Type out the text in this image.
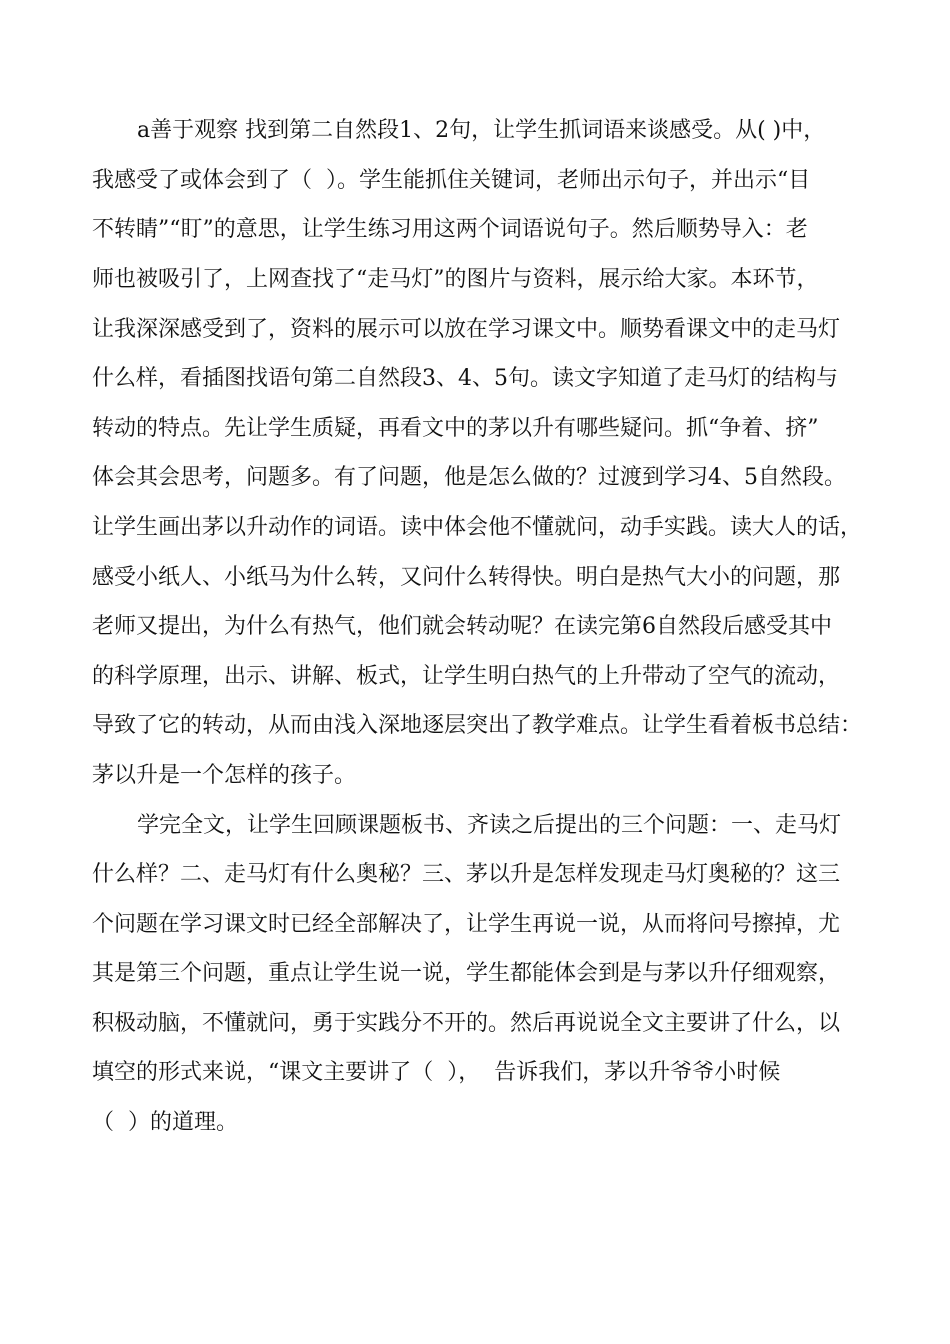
a善于观察 找到第二自然段1、2句，让学生抓词语来谈感受。从( )中，

我感受了或体会到了（  ）。学生能抓住关键词，老师出示句子，并出示“目

不转睛”“盯”的意思，让学生练习用这两个词语说句子。然后顺势导入：老

师也被吸引了，上网查找了“走马灯”的图片与资料，展示给大家。本环节，

让我深深感受到了，资料的展示可以放在学习课文中。顺势看课文中的走马灯

什么样，看插图找语句第二自然段3、4、5句。读文字知道了走马灯的结构与

转动的特点。先让学生质疑，再看文中的茅以升有哪些疑问。抓“争着、挤”

体会其会思考，问题多。有了问题，他是怎么做的？过渡到学习4、5自然段。

让学生画出茅以升动作的词语。读中体会他不懂就问，动手实践。读大人的话，

感受小纸人、小纸马为什么转，又问什么转得快。明白是热气大小的问题，那

老师又提出，为什么有热气，他们就会转动呢？在读完第6自然段后感受其中

的科学原理，出示、讲解、板式，让学生明白热气的上升带动了空气的流动，

导致了它的转动，从而由浅入深地逐层突出了教学难点。让学生看着板书总结：

茅以升是一个怎样的孩子。

学完全文，让学生回顾课题板书、齐读之后提出的三个问题：一、走马灯

什么样？二、走马灯有什么奥秘？三、茅以升是怎样发现走马灯奥秘的？这三

个问题在学习课文时已经全部解决了，让学生再说一说，从而将问号擦掉，尤

其是第三个问题，重点让学生说一说，学生都能体会到是与茅以升仔细观察，

积极动脑，不懂就问，勇于实践分不开的。然后再说说全文主要讲了什么，以

填空的形式来说，“课文主要讲了（  ），  告诉我们，茅以升爷爷小时候

（  ）的道理。
